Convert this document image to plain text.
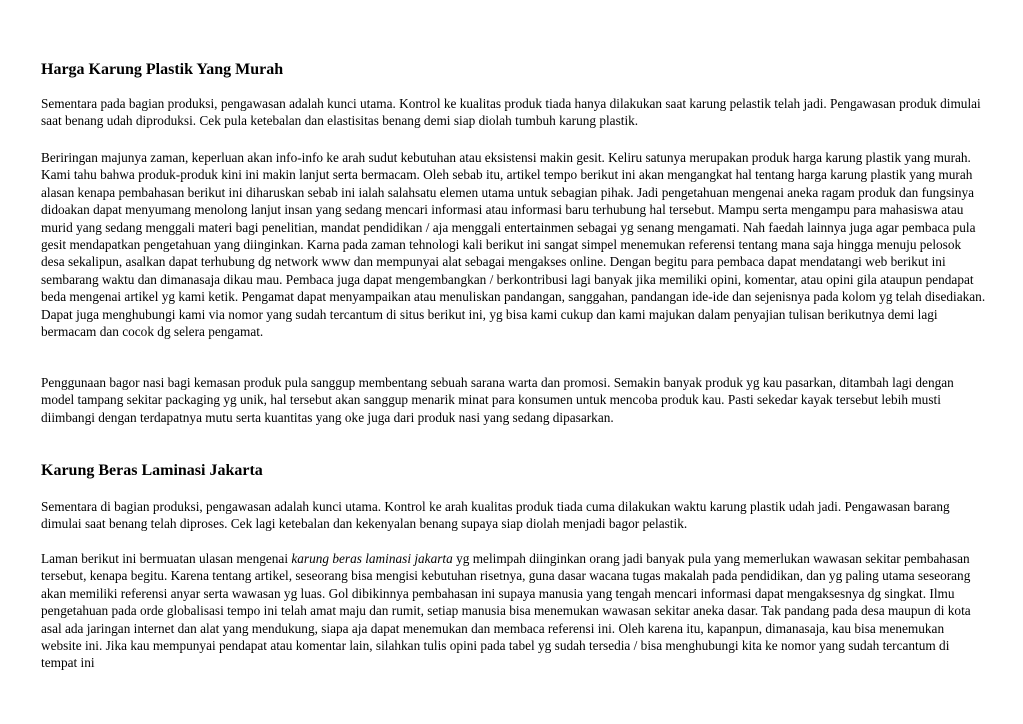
Harga Karung Plastik Yang Murah

Sementara pada bagian produksi, pengawasan adalah kunci utama. Kontrol ke kualitas produk tiada hanya dilakukan saat karung pelastik telah jadi. Pengawasan produk dimulai saat benang udah diproduksi. Cek pula ketebalan dan elastisitas benang demi siap diolah tumbuh karung plastik.

Beriringan majunya zaman, keperluan akan info-info ke arah sudut kebutuhan atau eksistensi makin gesit. Keliru satunya merupakan produk harga karung plastik yang murah. Kami tahu bahwa produk-produk kini ini makin lanjut serta bermacam. Oleh sebab itu, artikel tempo berikut ini akan mengangkat hal tentang harga karung plastik yang murah alasan kenapa pembahasan berikut ini diharuskan sebab ini ialah salahsatu elemen utama untuk sebagian pihak. Jadi pengetahuan mengenai aneka ragam produk dan fungsinya didoakan dapat menyumang menolong lanjut insan yang sedang mencari informasi atau informasi baru terhubung hal tersebut. Mampu serta mengampu para mahasiswa atau murid yang sedang menggali materi bagi penelitian, mandat pendidikan / aja menggali entertainmen sebagai yg senang mengamati. Nah faedah lainnya juga agar pembaca pula gesit mendapatkan pengetahuan yang diinginkan. Karna pada zaman tehnologi kali berikut ini sangat simpel menemukan referensi tentang mana saja hingga menuju pelosok desa sekalipun, asalkan dapat terhubung dg network www dan mempunyai alat sebagai mengakses online. Dengan begitu para pembaca dapat mendatangi web berikut ini sembarang waktu dan dimanasaja dikau mau. Pembaca juga dapat mengembangkan / berkontribusi lagi banyak jika memiliki opini, komentar, atau opini gila ataupun pendapat beda mengenai artikel yg kami ketik. Pengamat dapat menyampaikan atau menuliskan pandangan, sanggahan, pandangan ide-ide dan sejenisnya pada kolom yg telah disediakan. Dapat juga menghubungi kami via nomor yang sudah tercantum di situs berikut ini, yg bisa kami cukup dan kami majukan dalam penyajian tulisan berikutnya demi lagi bermacam dan cocok dg selera pengamat.

Penggunaan bagor nasi bagi kemasan produk pula sanggup membentang sebuah sarana warta dan promosi. Semakin banyak produk yg kau pasarkan, ditambah lagi dengan model tampang sekitar packaging yg unik, hal tersebut akan sanggup menarik minat para konsumen untuk mencoba produk kau. Pasti sekedar kayak tersebut lebih musti diimbangi dengan terdapatnya mutu serta kuantitas yang oke juga dari produk nasi yang sedang dipasarkan.

Karung Beras Laminasi Jakarta

Sementara di bagian produksi, pengawasan adalah kunci utama. Kontrol ke arah kualitas produk tiada cuma dilakukan waktu karung plastik udah jadi. Pengawasan barang dimulai saat benang telah diproses. Cek lagi ketebalan dan kekenyalan benang supaya siap diolah menjadi bagor pelastik.

Laman berikut ini bermuatan ulasan mengenai karung beras laminasi jakarta yg melimpah diinginkan orang jadi banyak pula yang memerlukan wawasan sekitar pembahasan tersebut, kenapa begitu. Karena tentang artikel, seseorang bisa mengisi kebutuhan risetnya, guna dasar wacana tugas makalah pada pendidikan, dan yg paling utama seseorang akan memiliki referensi anyar serta wawasan yg luas. Gol dibikinnya pembahasan ini supaya manusia yang tengah mencari informasi dapat mengaksesnya dg singkat. Ilmu pengetahuan pada orde globalisasi tempo ini telah amat maju dan rumit, setiap manusia bisa menemukan wawasan sekitar aneka dasar. Tak pandang pada desa maupun di kota asal ada jaringan internet dan alat yang mendukung, siapa aja dapat menemukan dan membaca referensi ini. Oleh karena itu, kapanpun, dimanasaja, kau bisa menemukan website ini. Jika kau mempunyai pendapat atau komentar lain, silahkan tulis opini pada tabel yg sudah tersedia / bisa menghubungi kita ke nomor yang sudah tercantum di tempat ini
